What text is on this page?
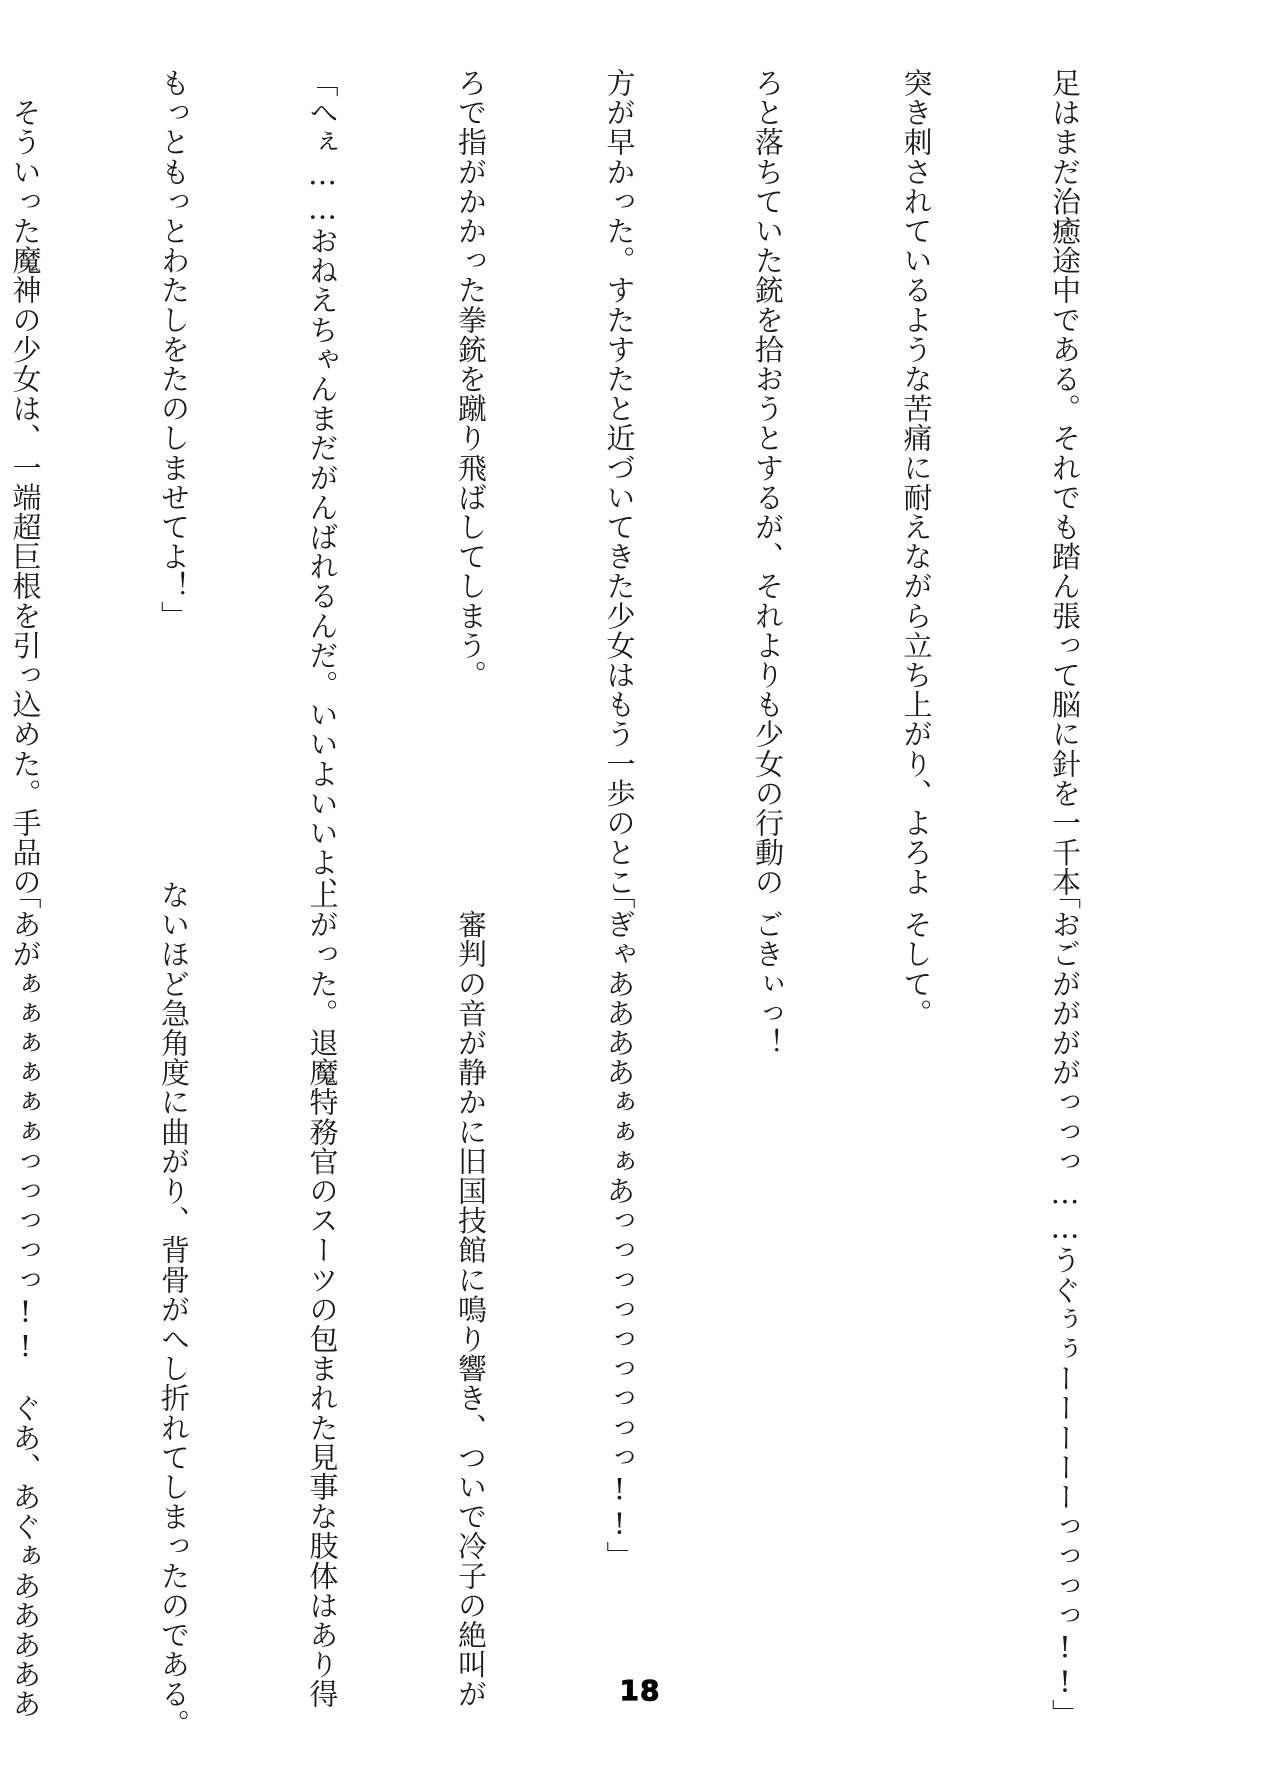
足はまだ治癒途中である。それでも踏ん張って脳に針を一千本

突き刺されているような苦痛に耐えながら立ち上がり、よろよ

ろと落ちていた銃を拾おうとするが、それよりも少女の行動の

方が早かった。すたすたと近づいてきた少女はもう一歩のとこ

ろで指がかかった拳銃を蹴り飛ばしてしまう。

「へぇ……おねえちゃんまだがんばれるんだ。いいよいいよ、

もっともっとわたしをたのしませてよ！」

　そういった魔神の少女は、一端超巨根を引っ込めた。手品の

「おごががががっっっ……うぐぅぅーーーーーっっっっ!!」

　そして。

　ごきぃっ！

「ぎゃああああぁぁぁあっっっっっっっっっ!!」

　審判の音が静かに旧国技館に鳴り響き、ついで冷子の絶叫が

上がった。退魔特務官のスーツの包まれた見事な肢体はあり得

ないほど急角度に曲がり、背骨がへし折れてしまったのである。

「あがぁぁぁぁぁぁっっっっっ!!　ぐあ、あぐぁあああああ

	18
